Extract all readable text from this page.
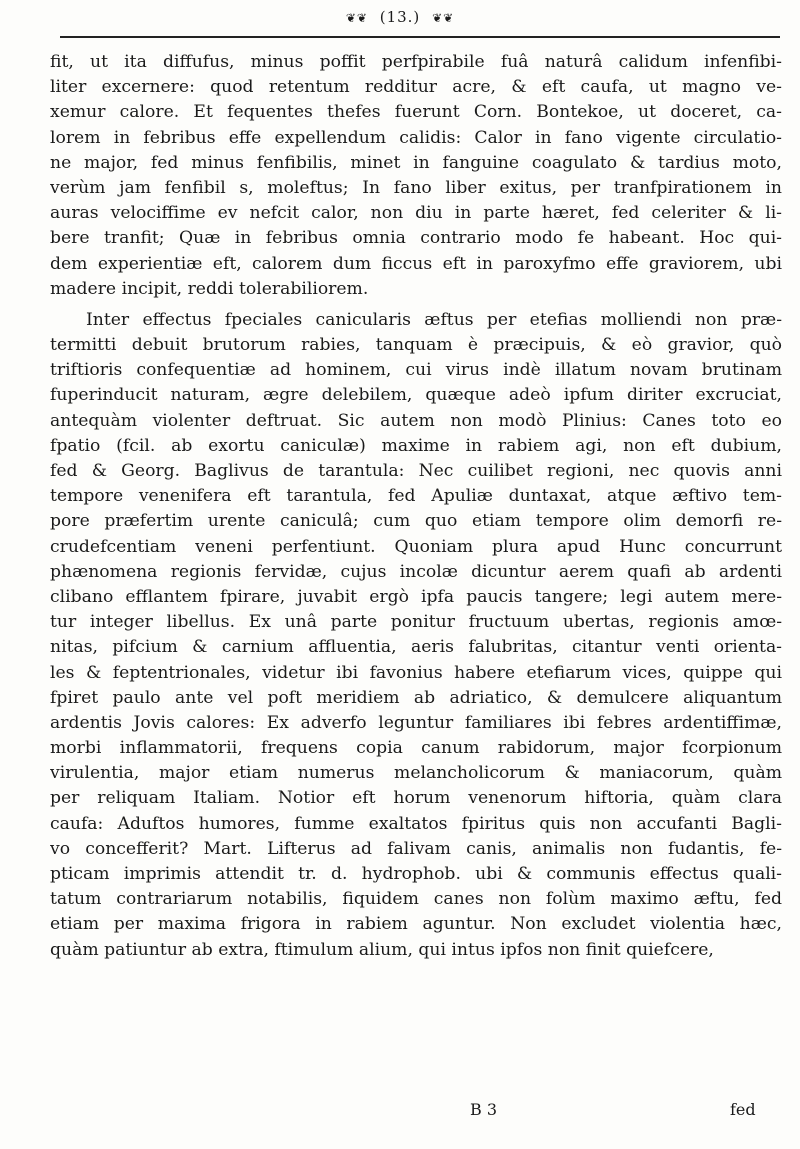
❦❦ (13.) ❦❦
fit, ut ita diffufus, minus poffit perfpirabile fuâ naturâ calidum infenfibi-
liter excernere: quod retentum redditur acre, & eft caufa, ut magno ve-
xemur calore. Et fequentes thefes fuerunt Corn. Bontekoe, ut doceret, ca-
lorem in febribus effe expellendum calidis: Calor in fano vigente circulatio-
ne major, fed minus fenfibilis, minet in fanguine coagulato & tardius moto,
verùm jam fenfibil s, moleftus; In fano liber exitus, per tranfpirationem in
auras velociffime ev nefcit calor, non diu in parte hæret, fed celeriter & li-
bere tranfit; Quæ in febribus omnia contrario modo fe habeant. Hoc qui-
dem experientiæ eft, calorem dum ficcus eft in paroxyfmo effe graviorem, ubi
madere incipit, reddi tolerabiliorem.
Inter effectus fpeciales canicularis æftus per etefias molliendi non præ-
termitti debuit brutorum rabies, tanquam è præcipuis, & eò gravior, quò
triftioris confequentiæ ad hominem, cui virus indè illatum novam brutinam
fuperinducit naturam, ægre delebilem, quæque adeò ipfum diriter excruciat,
antequàm violenter deftruat. Sic autem non modò Plinius: Canes toto eo
fpatio (fcil. ab exortu caniculæ) maxime in rabiem agi, non eft dubium,
fed & Georg. Baglivus de tarantula: Nec cuilibet regioni, nec quovis anni
tempore venenifera eft tarantula, fed Apuliæ duntaxat, atque æftivo tem-
pore præfertim urente caniculâ; cum quo etiam tempore olim demorfi re-
crudefcentiam veneni perfentiunt. Quoniam plura apud Hunc concurrunt
phænomena regionis fervidæ, cujus incolæ dicuntur aerem quafi ab ardenti
clibano efflantem fpirare, juvabit ergò ipfa paucis tangere; legi autem mere-
tur integer libellus. Ex unâ parte ponitur fructuum ubertas, regionis amœ-
nitas, pifcium & carnium affluentia, aeris falubritas, citantur venti orienta-
les & feptentrionales, videtur ibi favonius habere etefiarum vices, quippe qui
fpiret paulo ante vel poft meridiem ab adriatico, & demulcere aliquantum
ardentis Jovis calores: Ex adverfo leguntur familiares ibi febres ardentiffimæ,
morbi inflammatorii, frequens copia canum rabidorum, major fcorpionum
virulentia, major etiam numerus melancholicorum & maniacorum, quàm
per reliquam Italiam. Notior eft horum venenorum hiftoria, quàm clara
caufa: Aduftos humores, fumme exaltatos fpiritus quis non accufanti Bagli-
vo concefferit? Mart. Lifterus ad falivam canis, animalis non fudantis, fe-
pticam imprimis attendit tr. d. hydrophob. ubi & communis effectus quali-
tatum contrariarum notabilis, fiquidem canes non folùm maximo æftu, fed
etiam per maxima frigora in rabiem aguntur. Non excludet violentia hæc,
quàm patiuntur ab extra, ftimulum alium, qui intus ipfos non finit quiefcere,
B 3	fed
